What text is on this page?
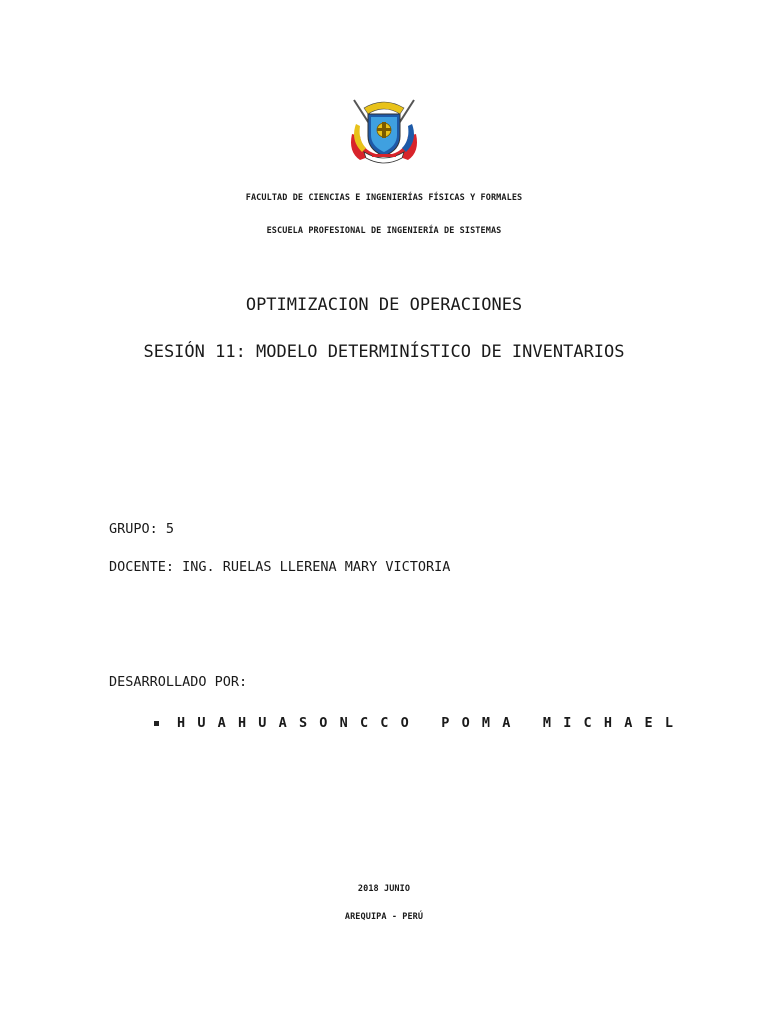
FACULTAD DE CIENCIAS E INGENIERÍAS FÍSICAS Y FORMALES
ESCUELA PROFESIONAL DE INGENIERÍA DE SISTEMAS
OPTIMIZACION DE OPERACIONES
SESIÓN 11: MODELO DETERMINÍSTICO DE INVENTARIOS
GRUPO: 5
DOCENTE: ING. RUELAS LLERENA MARY VICTORIA
DESARROLLADO POR:
HUAHUASONCCO POMA MICHAEL
2018 JUNIO
AREQUIPA - PERÚ
